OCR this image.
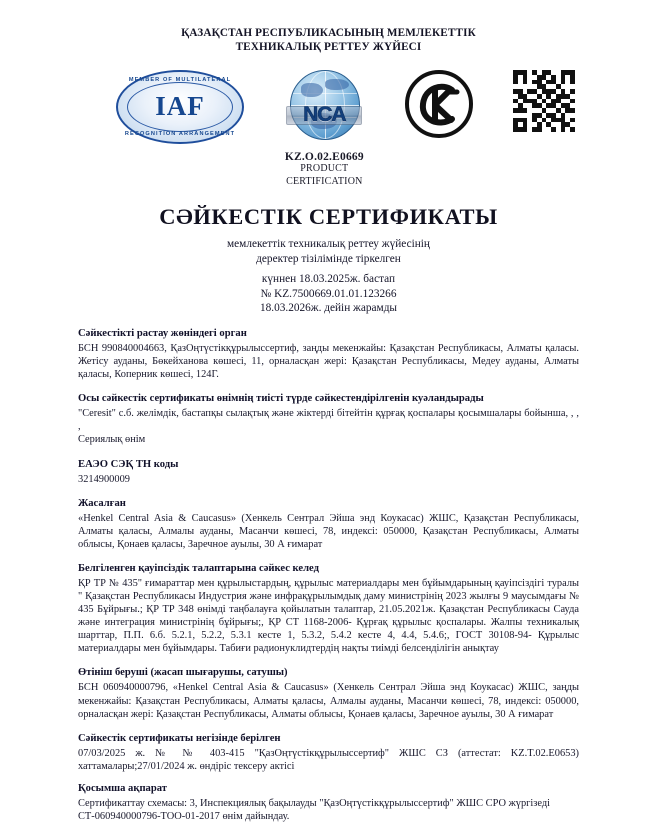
ҚАЗАҚСТАН РЕСПУБЛИКАСЫНЫҢ МЕМЛЕКЕТТІК
ТЕХНИКАЛЫҚ РЕТТЕУ ЖҮЙЕСІ
MEMBER OF MULTILATERAL
IAF
RECOGNITION ARRANGEMENT
NCA
KZ.O.02.E0669
PRODUCT
CERTIFICATION
СӘЙКЕСТІК СЕРТИФИКАТЫ
мемлекеттік техникалық реттеу жүйесінің
деректер тізілімінде тіркелген
күннен 18.03.2025ж. бастап
№ KZ.7500669.01.01.123266
18.03.2026ж. дейін жарамды
Сәйкестікті растау жөніндегі орган
БСН 990840004663, ҚазОңтүстікқұрылыссертиф, заңды мекенжайы: Қазақстан Республикасы, Алматы қаласы. Жетісу ауданы, Бөкейханова көшесі, 11, орналасқан жері: Қазақстан Республикасы, Медеу ауданы, Алматы қаласы, Коперник көшесі, 124Г.
Осы сәйкестік сертификаты өнімнің тиісті түрде сәйкестендірілгенін куәландырады
"Ceresit" с.б. желімдік, бастапқы сылақтық және жіктерді бітейтін құрғақ қоспалары қосымшалары бойынша, , , ,
Сериялық өнім
ЕАЭО СЭҚ ТН коды
3214900009
Жасалған
«Henkel Central Asia & Caucasus» (Хенкель Сентрал Эйша энд Коукасас) ЖШС, Қазақстан Республикасы, Алматы қаласы, Алмалы ауданы, Масанчи көшесі, 78, индексі: 050000, Қазақстан Республикасы, Алматы облысы, Қонаев қаласы, Заречное ауылы, 30 А ғимарат
Белгіленген қауіпсіздік талаптарына сәйкес келед
ҚР ТР № 435" ғимараттар мен құрылыстардың, құрылыс материалдары мен бұйымдарының қауіпсіздігі туралы " Қазақстан Республикасы Индустрия және инфрақұрылымдық даму министрінің 2023 жылғы 9 маусымдағы № 435 Бұйрығы.; ҚР ТР 348 өнімді таңбалауға қойылатын талаптар, 21.05.2021ж. Қазақстан Республикасы Сауда және интеграция министрінің бұйрығы;, ҚР СТ 1168-2006- Құрғақ құрылыс қоспалары. Жалпы техникалық шарттар, П.П. 6.б. 5.2.1, 5.2.2, 5.3.1 кесте 1, 5.3.2, 5.4.2 кесте 4, 4.4, 5.4.6;, ГОСТ 30108-94- Құрылыс материалдары мен бұйымдары. Табиғи радионуклидтердің нақты тиімді белсенділігін анықтау
Өтініш беруші (жасап шығарушы, сатушы)
БСН 060940000796, «Henkel Central Asia & Caucasus» (Хенкель Сентрал Эйша энд Коукасас) ЖШС, заңды мекенжайы: Қазақстан Республикасы, Алматы қаласы, Алмалы ауданы, Масанчи көшесі, 78, индексі: 050000, орналасқан жері: Қазақстан Республикасы, Алматы облысы, Қонаев қаласы, Заречное ауылы, 30 А ғимарат
Сәйкестік сертификаты негізінде берілген
07/03/2025 ж. № № 403-415 "ҚазОңтүстікқұрылыссертиф" ЖШС СЗ (аттестат: KZ.T.02.E0653) хаттамалары;27/01/2024 ж. өндіріс тексеру актісі
Қосымша ақпарат
Сертификаттау схемасы: 3, Инспекциялық бақылауды "ҚазОңтүстікқұрылыссертиф" ЖШС СРО жүргізеді
СТ-060940000796-ТОО-01-2017 өнім дайындау.
